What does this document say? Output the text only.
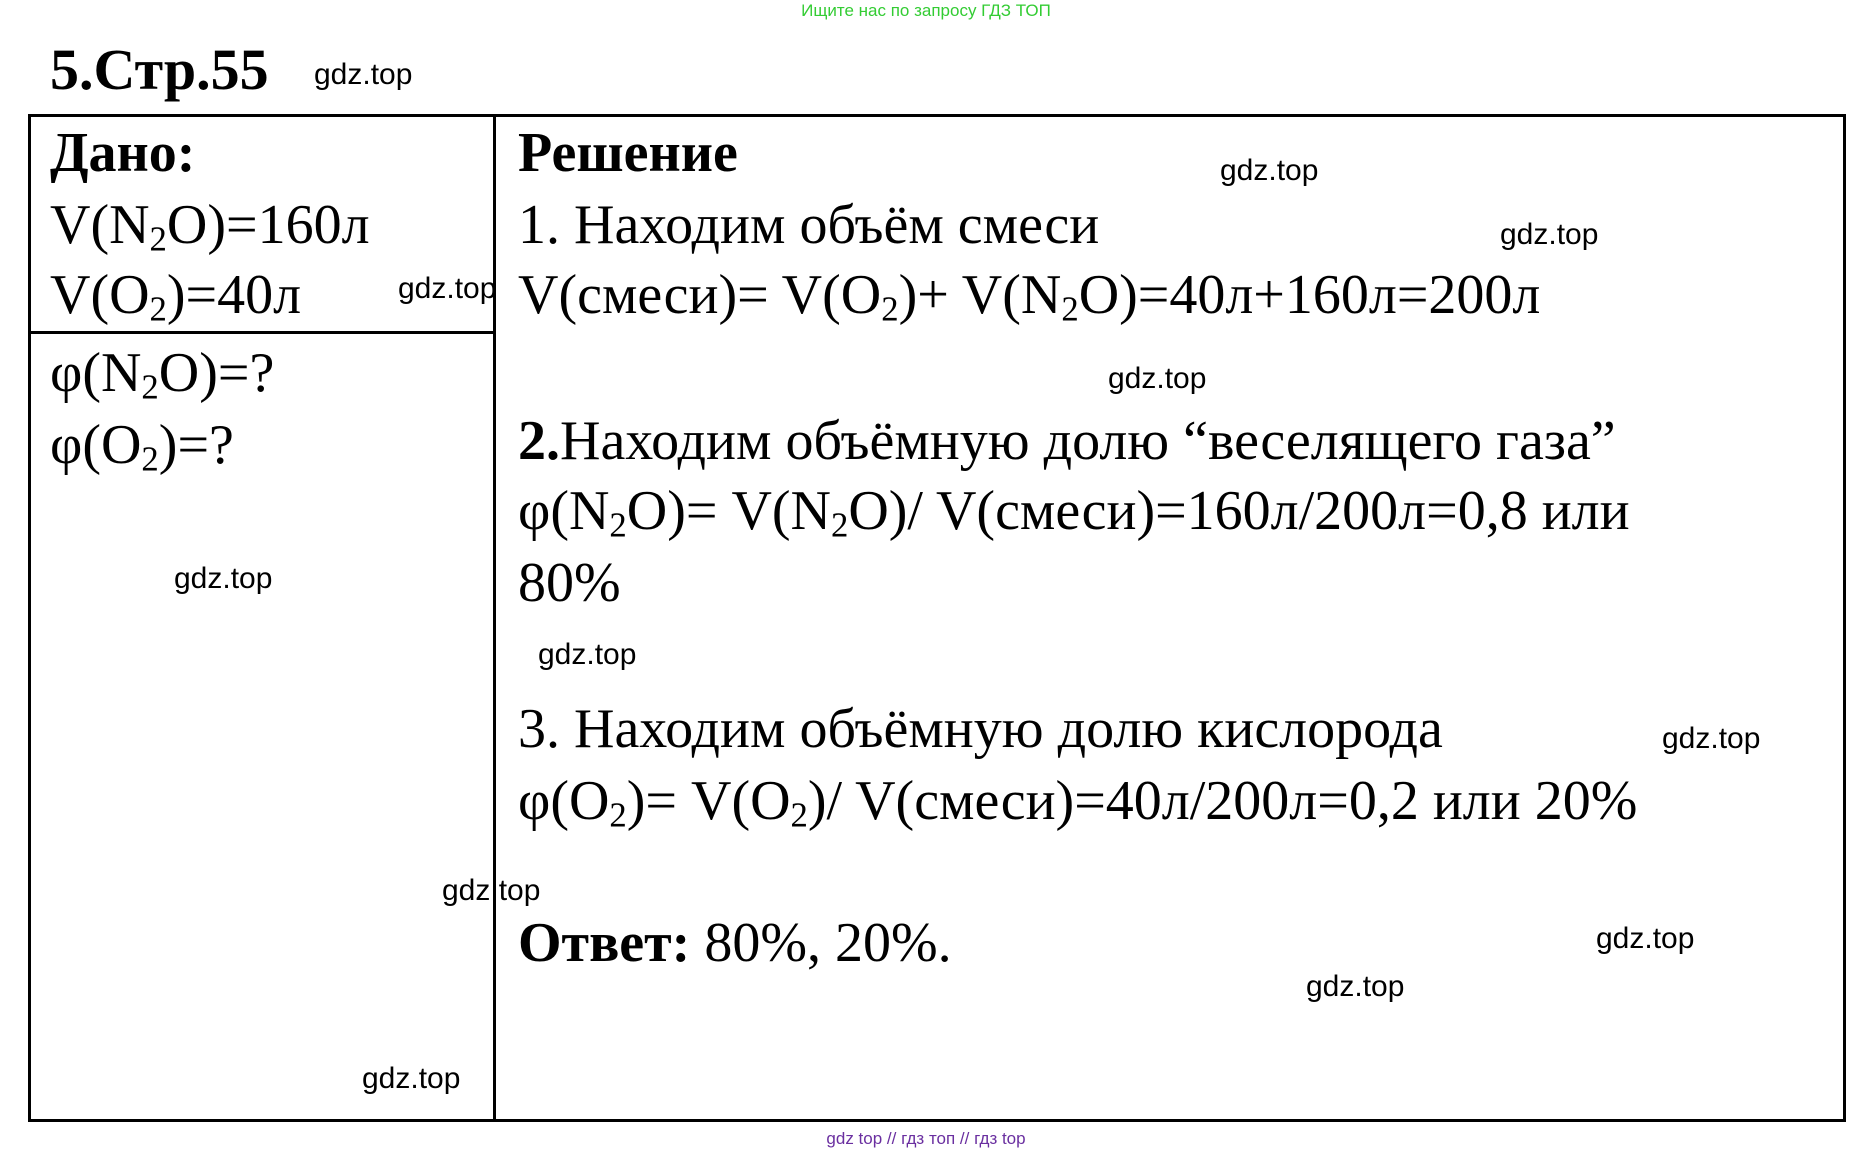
Ищите нас по запросу ГДЗ ТОП
5.Стр.55 gdz.top
Дано:
$V(N_2O)=160л$
$V(O_2)=40л$
$\varphi(N_2O)=$?
$\varphi(O_2)=$?
Решение
1. Находим объём смеси
V(смеси)= $V(O_2)+ V(N_2O)=40л+160л=200л$
2.Находим объёмную долю “веселящего газа”
$\varphi(N_2O)= V(N_2O)/$ V(смеси)=160л/200л=0,8 или
80%
3. Находим объёмную долю кислорода
$\varphi(O_2)= V(O_2)/$ V(смеси)=40л/200л=0,2 или 20%
Ответ: 80%, 20%.
gdz.top
gdz.top
gdz.top
gdz.top
gdz.top
gdz.top
gdz.top
gdz.top
gdz.top
gdz.top
gdz.top
gdz top // гдз топ // гдз top
